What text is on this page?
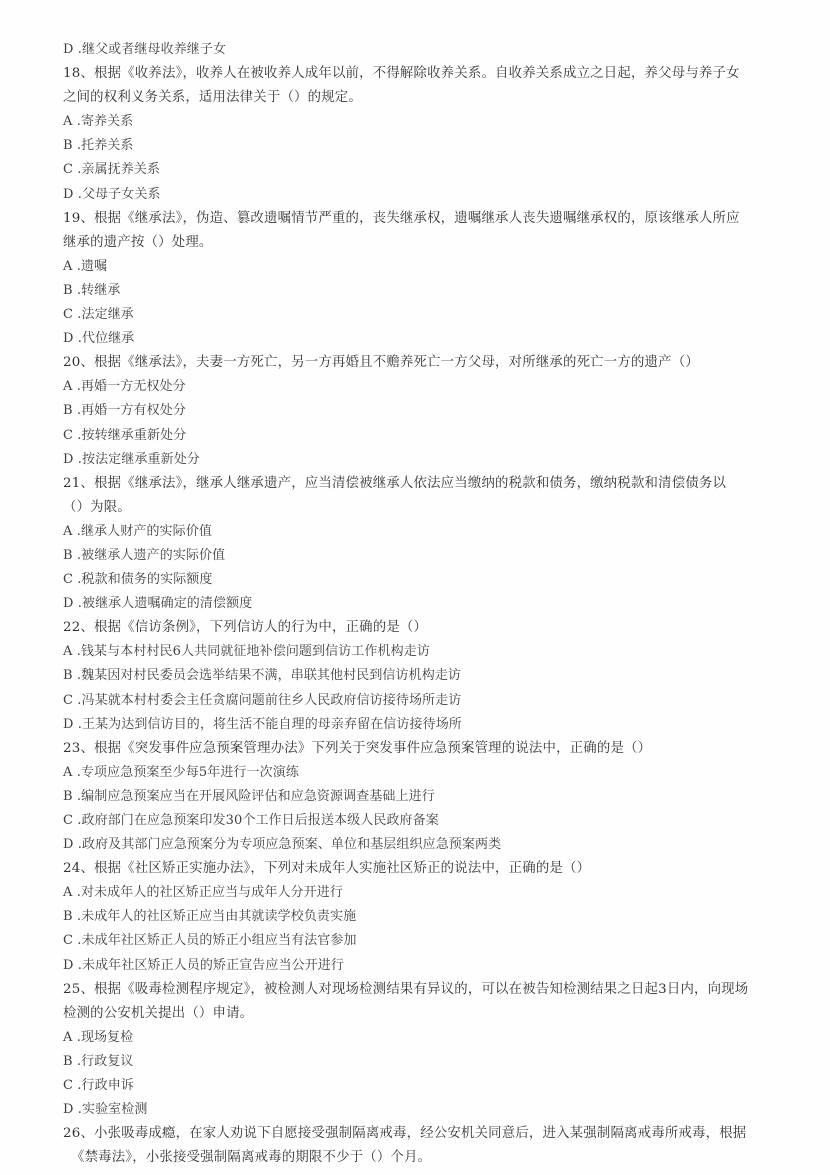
D .继父或者继母收养继子女
18、根据《收养法》，收养人在被收养人成年以前，不得解除收养关系。自收养关系成立之日起，养父母与养子女
之间的权利义务关系，适用法律关于（）的规定。
A .寄养关系
B .托养关系
C .亲属抚养关系
D .父母子女关系
19、根据《继承法》，伪造、篡改遗嘱情节严重的，丧失继承权，遗嘱继承人丧失遗嘱继承权的，原该继承人所应
继承的遗产按（）处理。
A .遗嘱
B .转继承
C .法定继承
D .代位继承
20、根据《继承法》，夫妻一方死亡，另一方再婚且不赡养死亡一方父母，对所继承的死亡一方的遗产（）
A .再婚一方无权处分
B .再婚一方有权处分
C .按转继承重新处分
D .按法定继承重新处分
21、根据《继承法》，继承人继承遗产，应当清偿被继承人依法应当缴纳的税款和债务，缴纳税款和清偿债务以
（）为限。
A .继承人财产的实际价值
B .被继承人遗产的实际价值
C .税款和债务的实际额度
D .被继承人遗嘱确定的清偿额度
22、根据《信访条例》，下列信访人的行为中，正确的是（）
A .钱某与本村村民6人共同就征地补偿问题到信访工作机构走访
B .魏某因对村民委员会选举结果不满，串联其他村民到信访机构走访
C .冯某就本村村委会主任贪腐问题前往乡人民政府信访接待场所走访
D .王某为达到信访目的，将生活不能自理的母亲弃留在信访接待场所
23、根据《突发事件应急预案管理办法》下列关于突发事件应急预案管理的说法中，正确的是（）
A .专项应急预案至少每5年进行一次演练
B .编制应急预案应当在开展风险评估和应急资源调查基础上进行
C .政府部门在应急预案印发30个工作日后报送本级人民政府备案
D .政府及其部门应急预案分为专项应急预案、单位和基层组织应急预案两类
24、根据《社区矫正实施办法》，下列对未成年人实施社区矫正的说法中，正确的是（）
A .对未成年人的社区矫正应当与成年人分开进行
B .未成年人的社区矫正应当由其就读学校负责实施
C .未成年社区矫正人员的矫正小组应当有法官参加
D .未成年社区矫正人员的矫正宣告应当公开进行
25、根据《吸毒检测程序规定》，被检测人对现场检测结果有异议的，可以在被告知检测结果之日起3日内，向现场
检测的公安机关提出（）申请。
A .现场复检
B .行政复议
C .行政申诉
D .实验室检测
26、小张吸毒成瘾，在家人劝说下自愿接受强制隔离戒毒，经公安机关同意后，进入某强制隔离戒毒所戒毒，根据
《禁毒法》，小张接受强制隔离戒毒的期限不少于（）个月。
